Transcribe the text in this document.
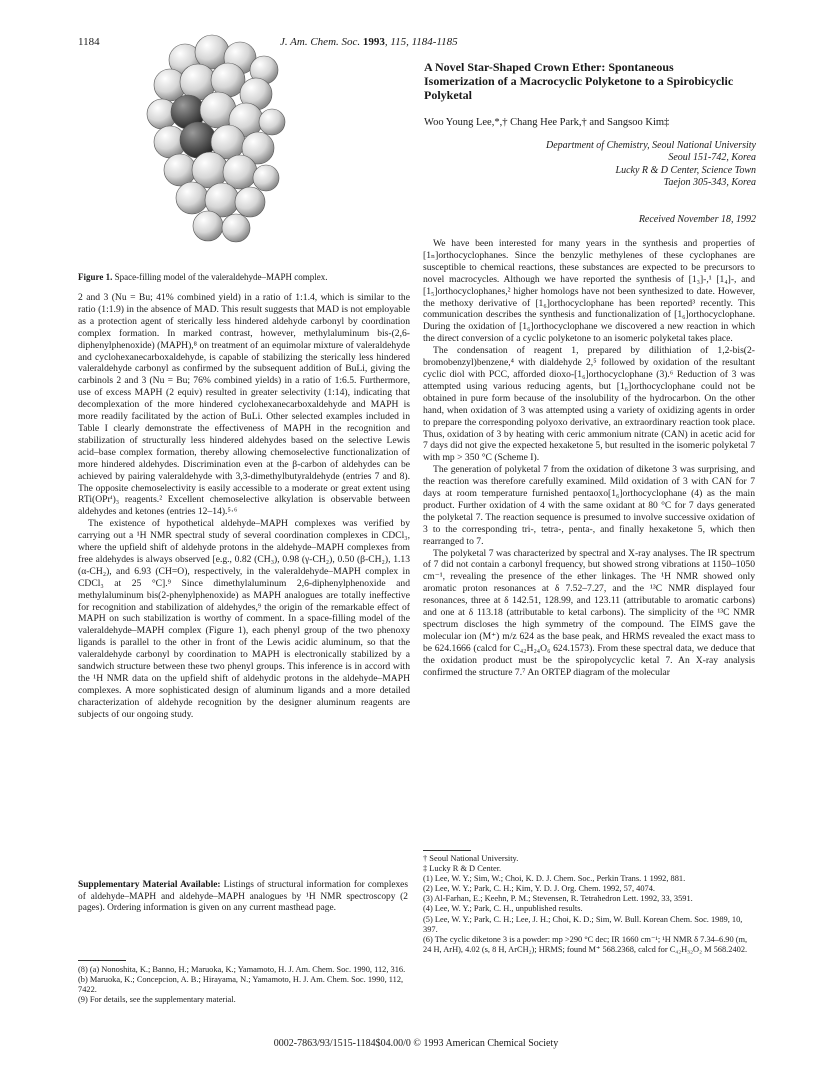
1184	J. Am. Chem. Soc. 1993, 115, 1184-1185
Figure 1. Space-filling model of the valeraldehyde–MAPH complex.

2 and 3 (Nu = Bu; 41% combined yield) in a ratio of 1:1.4, which is similar to the ratio (1:1.9) in the absence of MAD. This result suggests that MAD is not employable as a protection agent of sterically less hindered aldehyde carbonyl by coordination complex formation. In marked contrast, however, methylaluminum bis-(2,6-diphenylphenoxide) (MAPH),⁸ on treatment of an equimolar mixture of valeraldehyde and cyclohexanecarboxaldehyde, is capable of stabilizing the sterically less hindered valeraldehyde carbonyl as confirmed by the subsequent addition of BuLi, giving the carbinols 2 and 3 (Nu = Bu; 76% combined yields) in a ratio of 1:6.5. Furthermore, use of excess MAPH (2 equiv) resulted in greater selectivity (1:14), indicating that decomplexation of the more hindered cyclohexanecarboxaldehyde and MAPH is more readily facilitated by the action of BuLi. Other selected examples included in Table I clearly demonstrate the effectiveness of MAPH in the recognition and stabilization of structurally less hindered aldehydes based on the selective Lewis acid–base complex formation, thereby allowing chemoselective functionalization of more hindered aldehydes. Discrimination even at the β-carbon of aldehydes can be achieved by pairing valeraldehyde with 3,3-dimethylbutyraldehyde (entries 7 and 8). The opposite chemoselectivity is easily accessible to a moderate or great extent using RTi(OPrⁱ)₃ reagents.² Excellent chemoselective alkylation is observable between aldehydes and ketones (entries 12–14).⁵·⁶

The existence of hypothetical aldehyde–MAPH complexes was verified by carrying out a ¹H NMR spectral study of several coordination complexes in CDCl₃, where the upfield shift of aldehyde protons in the aldehyde–MAPH complexes from free aldehydes is always observed [e.g., 0.82 (CH₃), 0.98 (γ-CH₂), 0.50 (β-CH₂), 1.13 (α-CH₂), and 6.93 (CH=O), respectively, in the valeraldehyde–MAPH complex in CDCl₃ at 25 °C].⁹ Since dimethylaluminum 2,6-diphenylphenoxide and methylaluminum bis(2-phenylphenoxide) as MAPH analogues are totally ineffective for recognition and stabilization of aldehydes,⁹ the origin of the remarkable effect of MAPH on such stabilization is worthy of comment. In a space-filling model of the valeraldehyde–MAPH complex (Figure 1), each phenyl group of the two phenoxy ligands is parallel to the other in front of the Lewis acidic aluminum, so that the valeraldehyde carbonyl by coordination to MAPH is electronically stabilized by a sandwich structure between these two phenyl groups. This inference is in accord with the ¹H NMR data on the upfield shift of aldehydic protons in the aldehyde–MAPH complexes. A more sophisticated design of aluminum ligands and a more detailed characterization of aldehyde recognition by the designer aluminum reagents are subjects of our ongoing study.

Supplementary Material Available: Listings of structural information for complexes of aldehyde–MAPH and aldehyde–MAPH analogues by ¹H NMR spectroscopy (2 pages). Ordering information is given on any current masthead page.
(8) (a) Nonoshita, K.; Banno, H.; Maruoka, K.; Yamamoto, H. J. Am. Chem. Soc. 1990, 112, 316. (b) Maruoka, K.; Concepcion, A. B.; Hirayama, N.; Yamamoto, H. J. Am. Chem. Soc. 1990, 112, 7422.
(9) For details, see the supplementary material.
A Novel Star-Shaped Crown Ether: Spontaneous Isomerization of a Macrocyclic Polyketone to a Spirobicyclic Polyketal
Woo Young Lee,*,† Chang Hee Park,† and Sangsoo Kim‡
Department of Chemistry, Seoul National University
Seoul 151-742, Korea
Lucky R & D Center, Science Town
Taejon 305-343, Korea
Received November 18, 1992

We have been interested for many years in the synthesis and properties of [1ₙ]orthocyclophanes. Since the benzylic methylenes of these cyclophanes are susceptible to chemical reactions, these substances are expected to be precursors to novel macrocycles. Although we have reported the synthesis of [1₃]-,¹ [1₄]-, and [1₅]orthocyclophanes,² higher homologs have not been synthesized to date. However, the methoxy derivative of [1₆]orthocyclophane has been reported³ recently. This communication describes the synthesis and functionalization of [1₆]orthocyclophane. During the oxidation of [1₆]orthocyclophane we discovered a new reaction in which the direct conversion of a cyclic polyketone to an isomeric polyketal takes place.

The condensation of reagent 1, prepared by dilithiation of 1,2-bis(2-bromobenzyl)benzene,⁴ with dialdehyde 2,⁵ followed by oxidation of the resultant cyclic diol with PCC, afforded dioxo-[1₆]orthocyclophane (3).⁶ Reduction of 3 was attempted using various reducing agents, but [1₆]orthocyclophane could not be obtained in pure form because of the insolubility of the hydrocarbon. On the other hand, when oxidation of 3 was attempted using a variety of oxidizing agents in order to prepare the corresponding polyoxo derivative, an extraordinary reaction took place. Thus, oxidation of 3 by heating with ceric ammonium nitrate (CAN) in acetic acid for 7 days did not give the expected hexaketone 5, but resulted in the isomeric polyketal 7 with mp > 350 °C (Scheme I).

The generation of polyketal 7 from the oxidation of diketone 3 was surprising, and the reaction was therefore carefully examined. Mild oxidation of 3 with CAN for 7 days at room temperature furnished pentaoxo[1₆]orthocyclophane (4) as the main product. Further oxidation of 4 with the same oxidant at 80 °C for 7 days generated the polyketal 7. The reaction sequence is presumed to involve successive oxidation of 3 to the corresponding tri-, tetra-, penta-, and finally hexaketone 5, which then rearranged to 7.

The polyketal 7 was characterized by spectral and X-ray analyses. The IR spectrum of 7 did not contain a carbonyl frequency, but showed strong vibrations at 1150–1050 cm⁻¹, revealing the presence of the ether linkages. The ¹H NMR showed only aromatic proton resonances at δ 7.52–7.27, and the ¹³C NMR displayed four resonances, three at δ 142.51, 128.99, and 123.11 (attributable to aromatic carbons) and one at δ 113.18 (attributable to ketal carbons). The simplicity of the ¹³C NMR spectrum discloses the high symmetry of the compound. The EIMS gave the molecular ion (M⁺) m/z 624 as the base peak, and HRMS revealed the exact mass to be 624.1666 (calcd for C₄₂H₂₄O₆ 624.1573). From these spectral data, we deduce that the oxidation product must be the spiropolycyclic ketal 7. An X-ray analysis confirmed the structure 7.⁷ An ORTEP diagram of the molecular

† Seoul National University.
‡ Lucky R & D Center.
(1) Lee, W. Y.; Sim, W.; Choi, K. D. J. Chem. Soc., Perkin Trans. 1 1992, 881.
(2) Lee, W. Y.; Park, C. H.; Kim, Y. D. J. Org. Chem. 1992, 57, 4074.
(3) Al-Farhan, E.; Keehn, P. M.; Stevensen, R. Tetrahedron Lett. 1992, 33, 3591.
(4) Lee, W. Y.; Park, C. H., unpublished results.
(5) Lee, W. Y.; Park, C. H.; Lee, J. H.; Choi, K. D.; Sim, W. Bull. Korean Chem. Soc. 1989, 10, 397.
(6) The cyclic diketone 3 is a powder: mp >290 °C dec; IR 1660 cm⁻¹; ¹H NMR δ 7.34–6.90 (m, 24 H, ArH), 4.02 (s, 8 H, ArCH₂); HRMS; found M⁺ 568.2368, calcd for C₄₂H₃₂O₂ M 568.2402.
0002-7863/93/1515-1184$04.00/0 © 1993 American Chemical Society
